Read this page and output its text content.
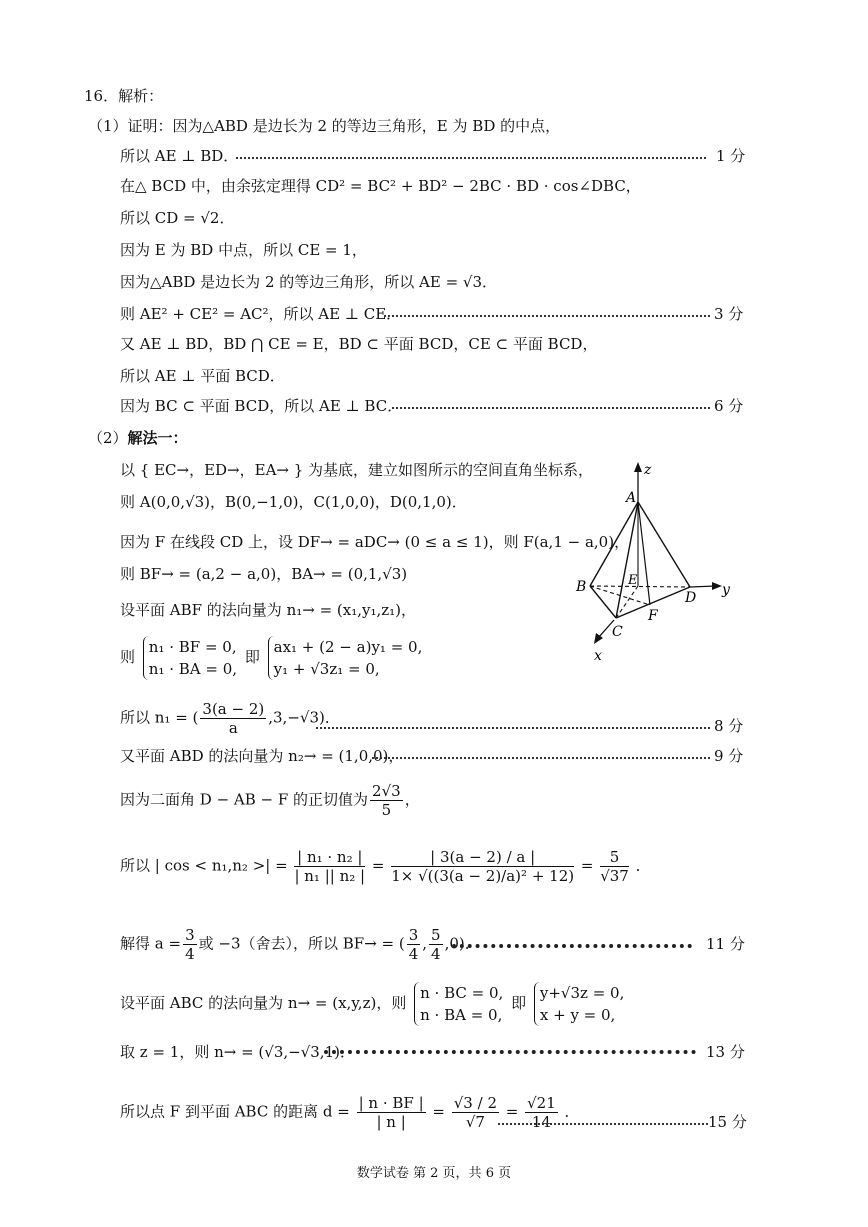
16．解析：
（1）证明：因为△ABD 是边长为 2 的等边三角形，E 为 BD 的中点，
所以 AE ⊥ BD．	1 分
在△ BCD 中，由余弦定理得 CD² = BC² + BD² − 2BC · BD · cos∠DBC，
所以 CD = √2．
因为 E 为 BD 中点，所以 CE = 1，
因为△ABD 是边长为 2 的等边三角形，所以 AE = √3．
则 AE² + CE² = AC²，所以 AE ⊥ CE．	3 分
又 AE ⊥ BD，BD ⋂ CE = E，BD ⊂ 平面 BCD，CE ⊂ 平面 BCD，
所以 AE ⊥ 平面 BCD．
因为 BC ⊂ 平面 BCD，所以 AE ⊥ BC．	6 分
（2）解法一：
以 { EC→，ED→，EA→ } 为基底，建立如图所示的空间直角坐标系，
则 A(0,0,√3)，B(0,−1,0)，C(1,0,0)，D(0,1,0)．
因为 F 在线段 CD 上，设 DF→ = aDC→ (0 ≤ a ≤ 1)，则 F(a,1 − a,0)，
则 BF→ = (a,2 − a,0)，BA→ = (0,1,√3)
设平面 ABF 的法向量为 n₁→ = (x₁,y₁,z₁)，
则
n₁ · BF = 0,
n₁ · BA = 0,
即
ax₁ + (2 − a)y₁ = 0,
y₁ + √3z₁ = 0,
所以 n₁ = ( $\frac{3(a - 2)}{a} ,3,-√3$)．	8 分
又平面 ABD 的法向量为 n₂→ = (1,0,0)，	9 分
因为二面角 D − AB − F 的正切值为 $\frac{2√3}{5}$ ，
所以 | cos < n₁,n₂ >| = $\frac{\text{| n₁ · n₂ |}}{\text{| n₁ || n₂ |}} = \frac{| 3(a - 2) / a |}{\text{1× √((3(a − 2)/a)² + 12)}} = \frac{5}{√37}$ ．
解得 $a = \frac{3}{4}$ 或 −3（舍去），所以 BF→ = ( $\frac{3}{4}$ , $\frac{5}{4} ,0$)．	11 分
设平面 ABC 的法向量为 n→ = (x,y,z)，则
n · BC = 0,
n · BA = 0,
即
y+√3z = 0,
x + y = 0,
取 z = 1，则 n→ = (√3,−√3,1)．	13 分
所以点 F 到平面 ABC 的距离 $d = \frac{| n \cdot BF |}{| n |} = \frac{√3 / 2}{√7} = \frac{√21}{14}$ ．
15 分
A
B
C
D
E
F
x
y
z
数学试卷 第 2 页，共 6 页
